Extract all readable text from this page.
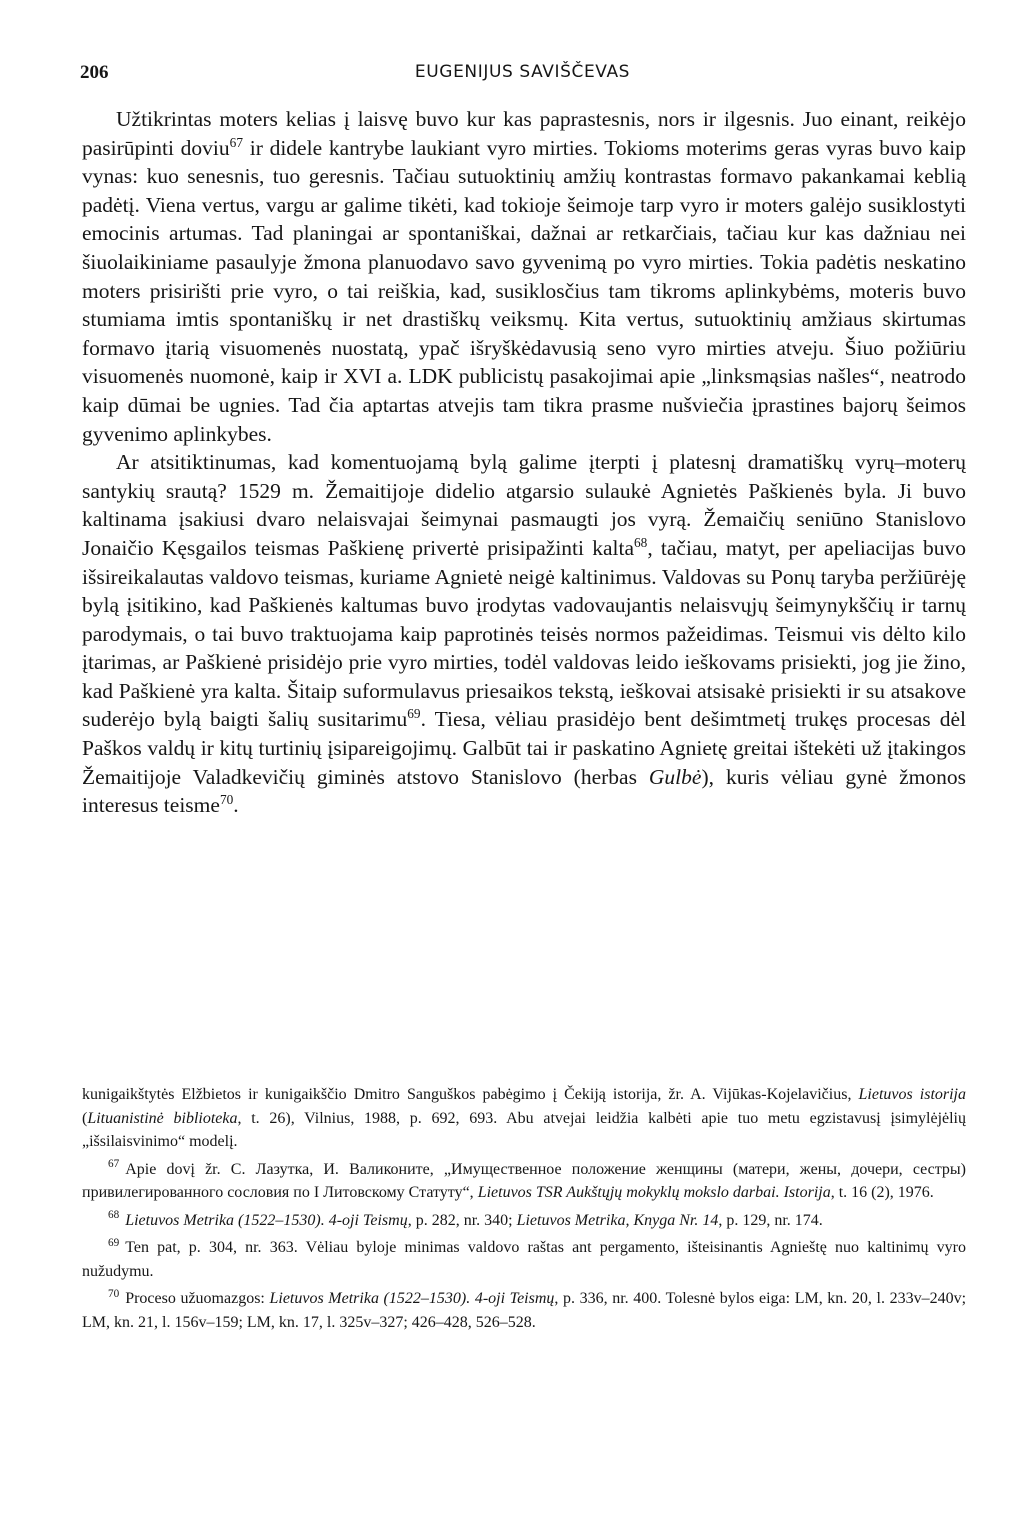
206	EUGENIJUS SAVIŠČEVAS

Užtikrintas moters kelias į laisvę buvo kur kas paprastesnis, nors ir ilgesnis. Juo einant, reikėjo pasirūpinti doviu$^{67}$ ir didele kantrybe laukiant vyro mirties. Tokioms moterims geras vyras buvo kaip vynas: kuo senesnis, tuo geresnis. Tačiau sutuoktinių amžių kontrastas formavo pakankamai keblią padėtį. Viena vertus, vargu ar galime tikėti, kad tokioje šeimoje tarp vyro ir moters galėjo susiklostyti emocinis artumas. Tad planingai ar spontaniškai, dažnai ar retkarčiais, tačiau kur kas dažniau nei šiuolaikiniame pasaulyje žmona planuodavo savo gyvenimą po vyro mirties. Tokia padėtis neskatino moters prisirišti prie vyro, o tai reiškia, kad, susiklosčius tam tikroms aplinkybėms, moteris buvo stumiama imtis spontaniškų ir net drastiškų veiksmų. Kita vertus, sutuoktinių amžiaus skirtumas formavo įtarią visuomenės nuostatą, ypač išryškėdavusią seno vyro mirties atveju. Šiuo požiūriu visuomenės nuomonė, kaip ir XVI a. LDK publicistų pasakojimai apie „linksmąsias našles“, neatrodo kaip dūmai be ugnies. Tad čia aptartas atvejis tam tikra prasme nušviečia įprastines bajorų šeimos gyvenimo aplinkybes.

Ar atsitiktinumas, kad komentuojamą bylą galime įterpti į platesnį dramatiškų vyrų–moterų santykių srautą? 1529 m. Žemaitijoje didelio atgarsio sulaukė Agnietės Paškienės byla. Ji buvo kaltinama įsakiusi dvaro nelaisvajai šeimynai pasmaugti jos vyrą. Žemaičių seniūno Stanislovo Jonaičio Kęsgailos teismas Paškienę privertė prisipažinti kalta$^{68}$, tačiau, matyt, per apeliacijas buvo išsireikalautas valdovo teismas, kuriame Agnietė neigė kaltinimus. Valdovas su Ponų taryba peržiūrėję bylą įsitikino, kad Paškienės kaltumas buvo įrodytas vadovaujantis nelaisvųjų šeimynykščių ir tarnų parodymais, o tai buvo traktuojama kaip paprotinės teisės normos pažeidimas. Teismui vis dėlto kilo įtarimas, ar Paškienė prisidėjo prie vyro mirties, todėl valdovas leido ieškovams prisiekti, jog jie žino, kad Paškienė yra kalta. Šitaip suformulavus priesaikos tekstą, ieškovai atsisakė prisiekti ir su atsakove suderėjo bylą baigti šalių susitarimu$^{69}$. Tiesa, vėliau prasidėjo bent dešimtmetį trukęs procesas dėl Paškos valdų ir kitų turtinių įsipareigojimų. Galbūt tai ir paskatino Agnietę greitai ištekėti už įtakingos Žemaitijoje Valadkevičių giminės atstovo Stanislovo (herbas Gulbė), kuris vėliau gynė žmonos interesus teisme$^{70}$.

kunigaikštytės Elžbietos ir kunigaikščio Dmitro Sanguškos pabėgimo į Čekiją istorija, žr. A. Vijūkas-Kojelavičius, Lietuvos istorija (Lituanistinė biblioteka, t. 26), Vilnius, 1988, p. 692, 693. Abu atvejai leidžia kalbėti apie tuo metu egzistavusį įsimylėjėlių „išsilaisvinimo“ modelį.

$^{67}$ Apie dovį žr. С. Лазутка, И. Валиконите, „Имущественное положение женщины (матери, жены, дочери, сестры) привилегированного сословия по I Литовскому Статуту“, Lietuvos TSR Aukštųjų mokyklų mokslo darbai. Istorija, t. 16 (2), 1976.

$^{68}$ Lietuvos Metrika (1522–1530). 4-oji Teismų, p. 282, nr. 340; Lietuvos Metrika, Knyga Nr. 14, p. 129, nr. 174.

$^{69}$ Ten pat, p. 304, nr. 363. Vėliau byloje minimas valdovo raštas ant pergamento, išteisinantis Agnieštę nuo kaltinimų vyro nužudymu.

$^{70}$ Proceso užuomazgos: Lietuvos Metrika (1522–1530). 4-oji Teismų, p. 336, nr. 400. Tolesnė bylos eiga: LM, kn. 20, l. 233v–240v; LM, kn. 21, l. 156v–159; LM, kn. 17, l. 325v–327; 426–428, 526–528.
